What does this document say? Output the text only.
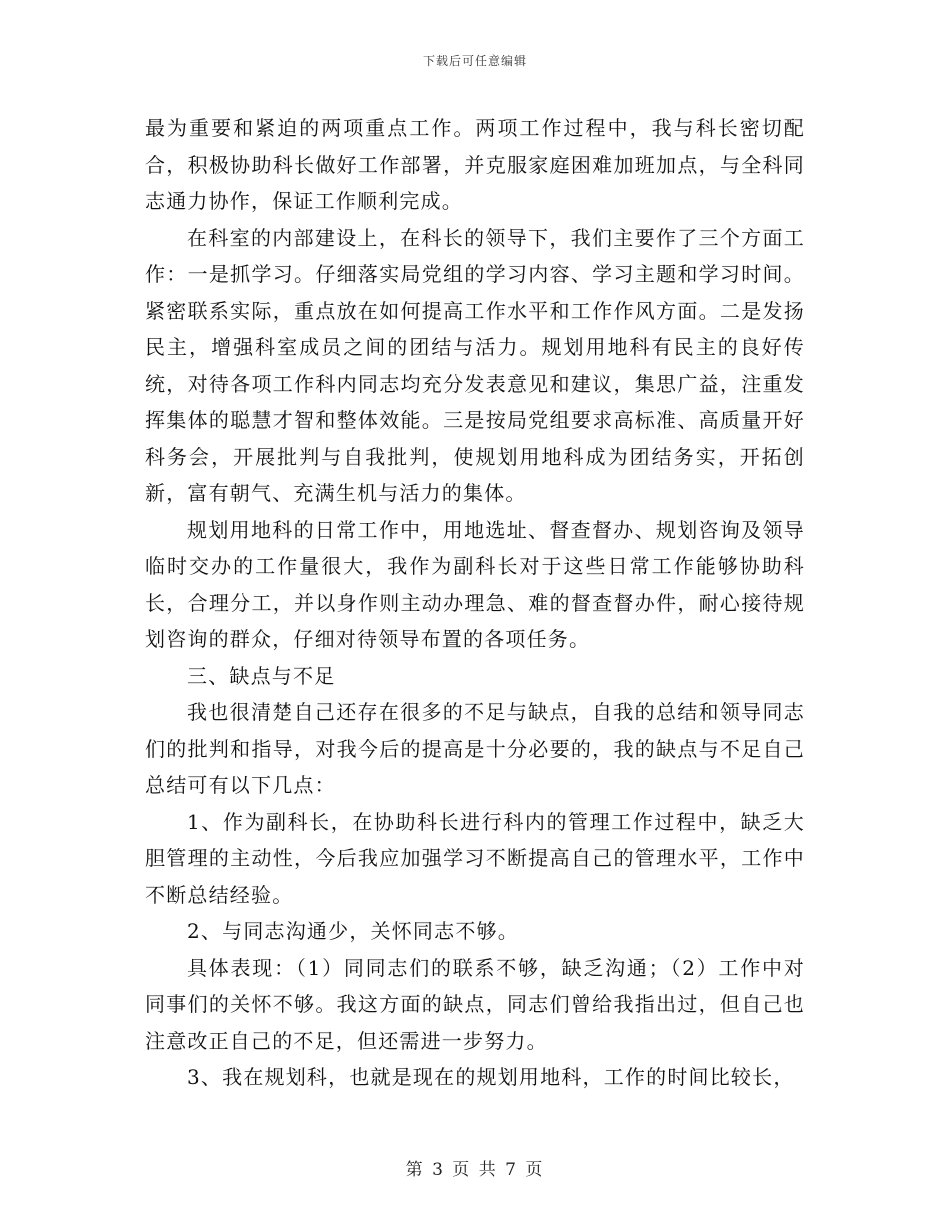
下载后可任意编辑

最为重要和紧迫的两项重点工作。两项工作过程中，我与科长密切配合，积极协助科长做好工作部署，并克服家庭困难加班加点，与全科同志通力协作，保证工作顺利完成。

在科室的内部建设上，在科长的领导下，我们主要作了三个方面工作：一是抓学习。仔细落实局党组的学习内容、学习主题和学习时间。紧密联系实际，重点放在如何提高工作水平和工作作风方面。二是发扬民主，增强科室成员之间的团结与活力。规划用地科有民主的良好传统，对待各项工作科内同志均充分发表意见和建议，集思广益，注重发挥集体的聪慧才智和整体效能。三是按局党组要求高标准、高质量开好科务会，开展批判与自我批判，使规划用地科成为团结务实，开拓创新，富有朝气、充满生机与活力的集体。

规划用地科的日常工作中，用地选址、督查督办、规划咨询及领导临时交办的工作量很大，我作为副科长对于这些日常工作能够协助科长，合理分工，并以身作则主动办理急、难的督查督办件，耐心接待规划咨询的群众，仔细对待领导布置的各项任务。

三、缺点与不足

我也很清楚自己还存在很多的不足与缺点，自我的总结和领导同志们的批判和指导，对我今后的提高是十分必要的，我的缺点与不足自己总结可有以下几点：

1、作为副科长，在协助科长进行科内的管理工作过程中，缺乏大胆管理的主动性，今后我应加强学习不断提高自己的管理水平，工作中不断总结经验。

2、与同志沟通少，关怀同志不够。

具体表现：（1）同同志们的联系不够，缺乏沟通；（2）工作中对同事们的关怀不够。我这方面的缺点，同志们曾给我指出过，但自己也注意改正自己的不足，但还需进一步努力。

3、我在规划科，也就是现在的规划用地科，工作的时间比较长，

第 3 页 共 7 页
